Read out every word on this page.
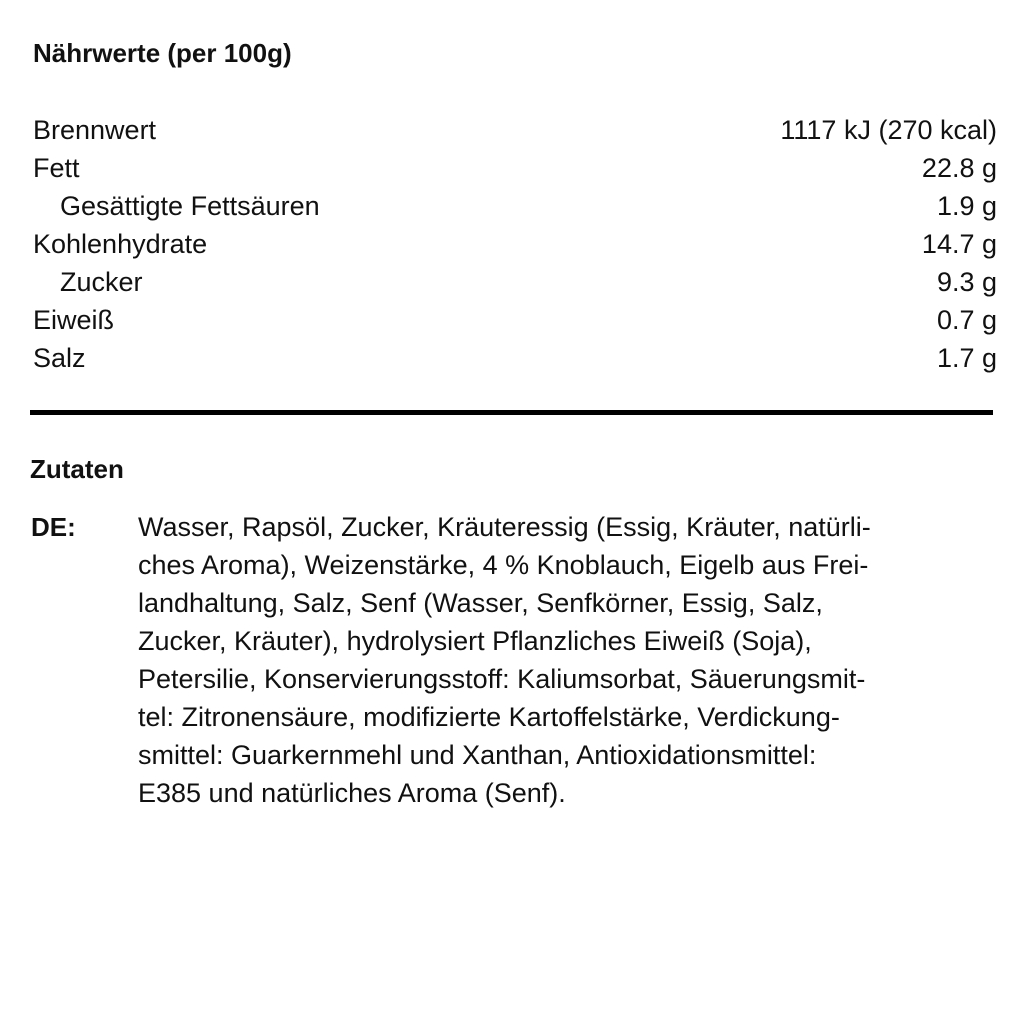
Nährwerte (per 100g)
Brennwert	1117 kJ (270 kcal)
Fett	22.8 g
Gesättigte Fettsäuren	1.9 g
Kohlenhydrate	14.7 g
Zucker	9.3 g
Eiweiß	0.7 g
Salz	1.7 g
Zutaten
DE: Wasser, Rapsöl, Zucker, Kräuteressig (Essig, Kräuter, natürli-
ches Aroma), Weizenstärke, 4 % Knoblauch, Eigelb aus Frei-
landhaltung, Salz, Senf (Wasser, Senfkörner, Essig, Salz,
Zucker, Kräuter), hydrolysiert Pflanzliches Eiweiß (Soja),
Petersilie, Konservierungsstoff: Kaliumsorbat, Säuerungsmit-
tel: Zitronensäure, modifizierte Kartoffelstärke, Verdickung-
smittel: Guarkernmehl und Xanthan, Antioxidationsmittel:
E385 und natürliches Aroma (Senf).
